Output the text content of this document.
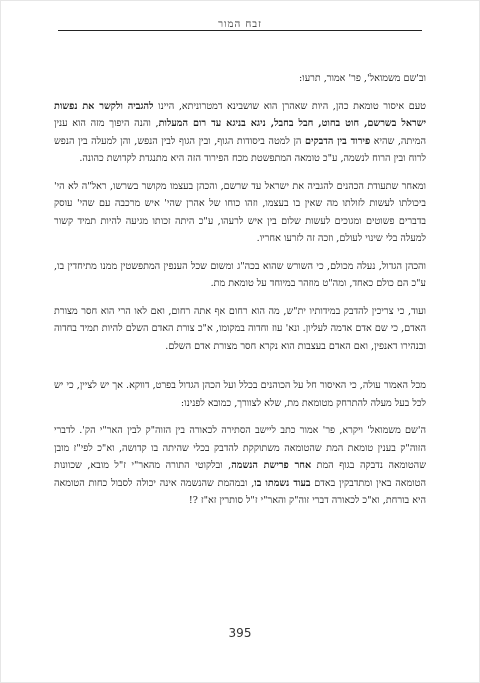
זבח המור

וב'שם משמואל', פר' אמור, תרעו:

טעם איסור טומאת כהן, היות שאהרן הוא שושבינא דמטרוניתא, היינו להגביה ולקשר את נפשות ישראל בשרשם, חוט בחוט, חבל בחבל, ניגא בניגא עד רום המעלות, והנה היפוך מזה הוא ענין המיתה, שהיא פירוד בין הדבקים הן למטה ביסודות הגוף, ובין הגוף לבין הנפש, והן למעלה בין הנפש לרוח ובין הרוח לנשמה, ע"כ טומאה המתפשטת מכח הפירוד הזה היא מתנגדת לקדושת כהונה.

ומאחר שתעודת הכהנים להגביה את ישראל עד שרשם, והכהן בעצמו מקושר בשרשו, ראל"ה לא הי' ביכולתו לעשות לזולתו מה שאין בו בעצמו, וזהו כוחו של אהרן שהי' איש מרכבה עם שהי' עוסק בדברים פשוטים ומגוכים לעשות שלום בין איש לרעהו, ע"כ היתה זכותו מגיעה להיות תמיד קשור למעלה בלי שינוי לעולם, וזכה זה לזרעו אחריו.

והכהן הגדול, נעלה מכולם, כי השורש שהוא בכה"ג ומשום שכל הענפין המתפשטין ממנו מתיחדין בו, ע"כ הם כולם כאחד, ומה"ט מוזהר במיוחד על טומאת מת.

ועוד, כי צריכין להדבק במידותיו ית"ש, מה הוא רחום אף אתה רחום, ואם לאו הרי הוא חסר מצורת האדם, כי שם אדם אדמה לעליון. ונא' עוז וחדוה במקומו, א"כ צורת האדם השלם להיות תמיד בחדוה ובנהירו דאנפין, ואם האדם בעצבות הוא נקרא חסר מצורת אדם השלם.

מכל האמור עולה, כי האיסור חל על הכוהנים בכלל ועל הכהן הגדול בפרט, דווקא. אך יש לציין, כי יש לכל בעל מעלה להתרחק מטומאת מת, שלא לצוורך, כמובא לפנינו:

ה'שם משמואל' ויקרא, פר' אמור כתב ליישב הסתירה לכאורה בין הזוה"ק לבין האר"י הק'. לדברי הזוה"ק בענין טומאת המת שהטומאה משתוקקת להדבק בכלי שהיתה בו קדושה, וא"כ לפי"ז מובן שהטומאה נדבקה בגוף המת אחר פרישת הנשמה, ובלקוטי התורה מהאר"י ז"ל מובא, שכוונות הטומאה באין ומתדבקין באדם בעוד נשמתו בו, ובמהמת שהנשמה אינה יכולה לסבול כחות הטומאה היא בורחת, וא"כ לכאורה דברי זוה"ק והאר"י ז"ל סותרין זא"ז ?!

395
